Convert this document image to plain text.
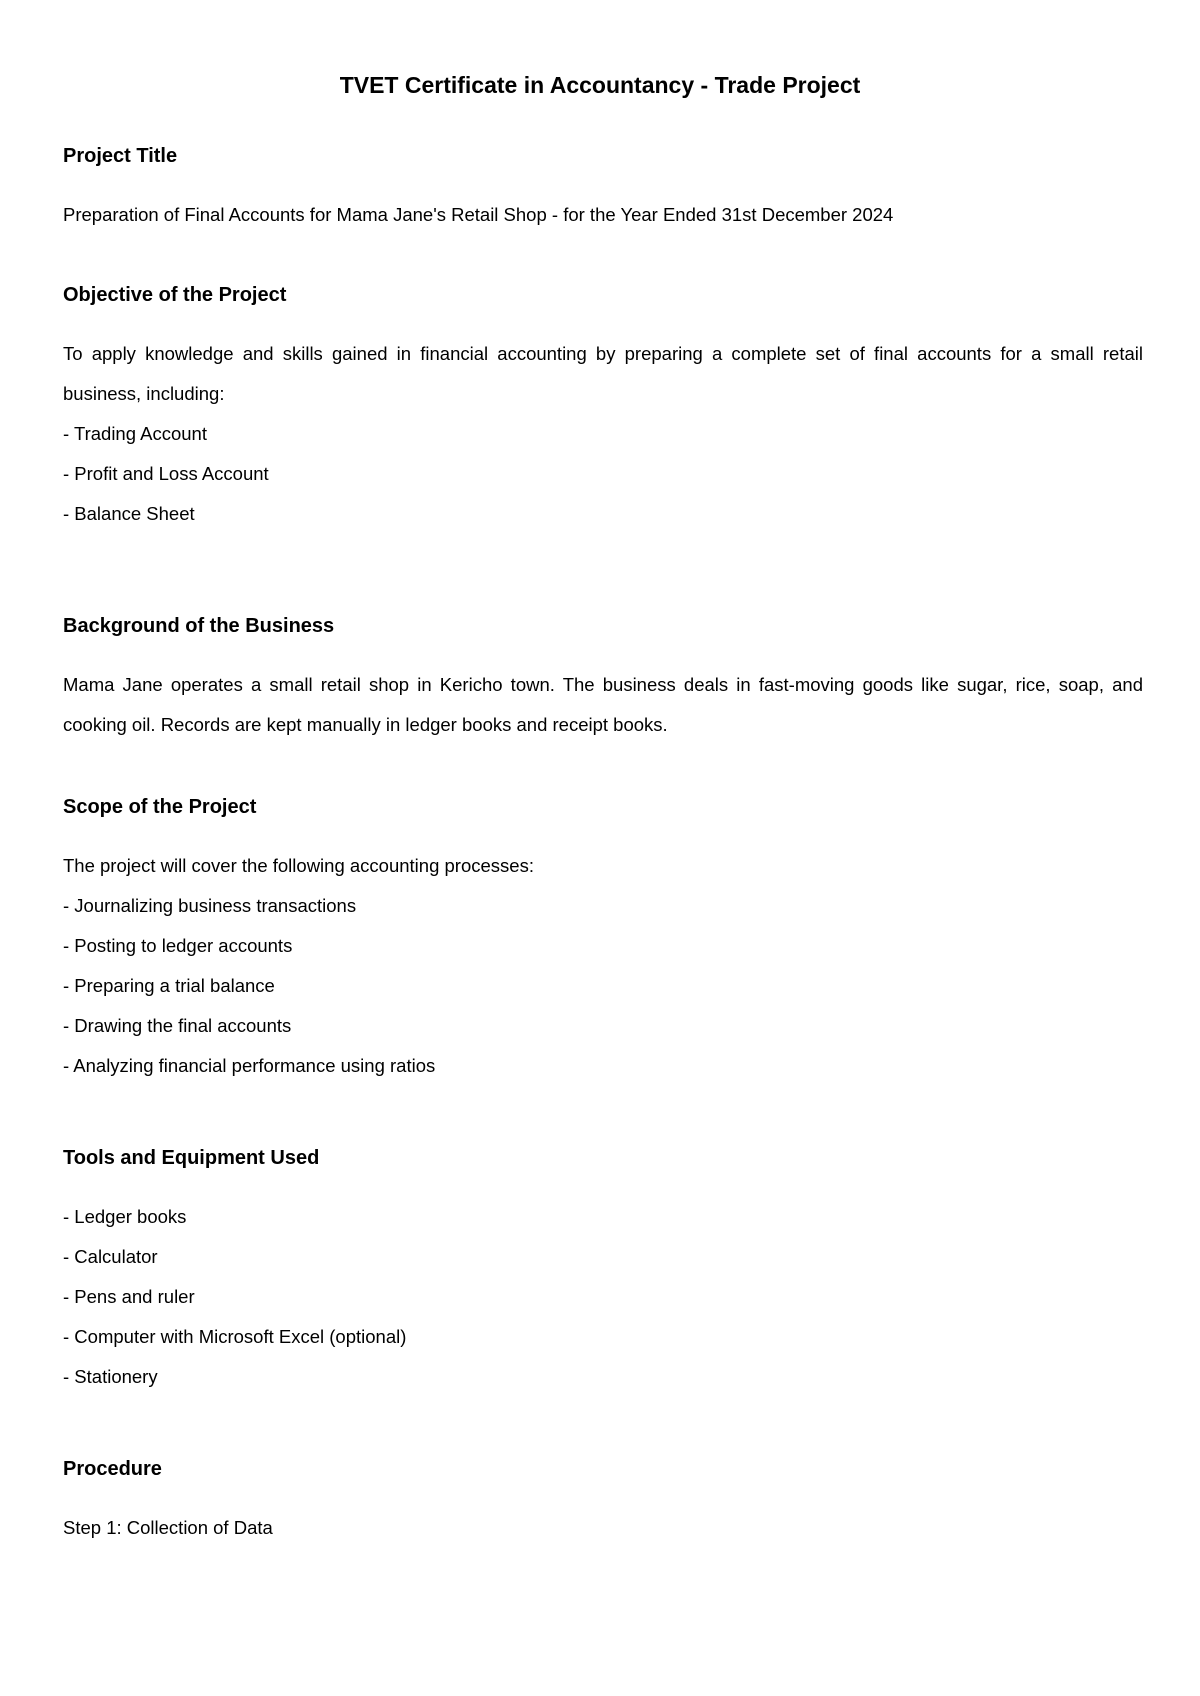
TVET Certificate in Accountancy - Trade Project
Project Title

Preparation of Final Accounts for Mama Jane's Retail Shop - for the Year Ended 31st December 2024

Objective of the Project

To apply knowledge and skills gained in financial accounting by preparing a complete set of final accounts for a small retail business, including:

- Trading Account
- Profit and Loss Account
- Balance Sheet
Background of the Business

Mama Jane operates a small retail shop in Kericho town. The business deals in fast-moving goods like sugar, rice, soap, and cooking oil. Records are kept manually in ledger books and receipt books.

Scope of the Project

The project will cover the following accounting processes:

- Journalizing business transactions
- Posting to ledger accounts
- Preparing a trial balance
- Drawing the final accounts
- Analyzing financial performance using ratios
Tools and Equipment Used
- Ledger books
- Calculator
- Pens and ruler
- Computer with Microsoft Excel (optional)
- Stationery
Procedure

Step 1: Collection of Data
